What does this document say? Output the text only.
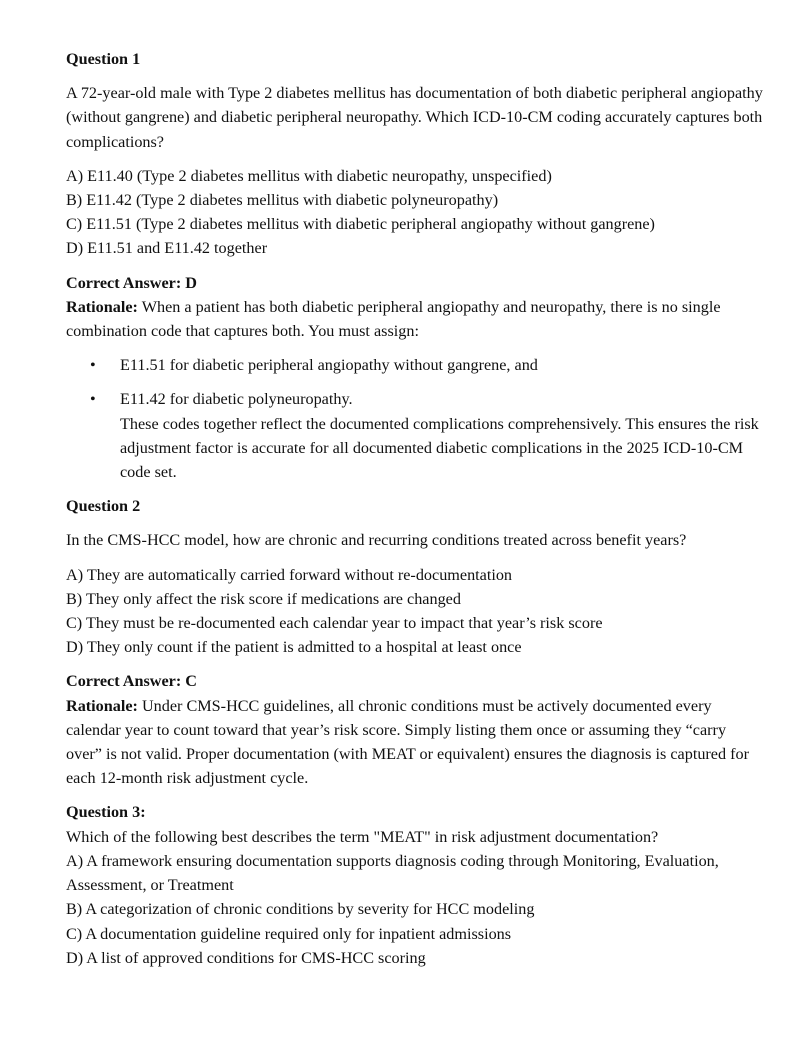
Question 1

A 72-year-old male with Type 2 diabetes mellitus has documentation of both diabetic peripheral angiopathy (without gangrene) and diabetic peripheral neuropathy. Which ICD-10-CM coding accurately captures both complications?

A) E11.40 (Type 2 diabetes mellitus with diabetic neuropathy, unspecified)

B) E11.42 (Type 2 diabetes mellitus with diabetic polyneuropathy)

C) E11.51 (Type 2 diabetes mellitus with diabetic peripheral angiopathy without gangrene)

D) E11.51 and E11.42 together

Correct Answer: D

Rationale: When a patient has both diabetic peripheral angiopathy and neuropathy, there is no single combination code that captures both. You must assign:

• E11.51 for diabetic peripheral angiopathy without gangrene, and
• E11.42 for diabetic polyneuropathy.
These codes together reflect the documented complications comprehensively. This ensures the risk adjustment factor is accurate for all documented diabetic complications in the 2025 ICD-10-CM code set.

Question 2

In the CMS-HCC model, how are chronic and recurring conditions treated across benefit years?

A) They are automatically carried forward without re-documentation

B) They only affect the risk score if medications are changed

C) They must be re-documented each calendar year to impact that year’s risk score

D) They only count if the patient is admitted to a hospital at least once

Correct Answer: C

Rationale: Under CMS-HCC guidelines, all chronic conditions must be actively documented every calendar year to count toward that year’s risk score. Simply listing them once or assuming they “carry over” is not valid. Proper documentation (with MEAT or equivalent) ensures the diagnosis is captured for each 12-month risk adjustment cycle.

Question 3:

Which of the following best describes the term "MEAT" in risk adjustment documentation?

A) A framework ensuring documentation supports diagnosis coding through Monitoring, Evaluation, Assessment, or Treatment

B) A categorization of chronic conditions by severity for HCC modeling

C) A documentation guideline required only for inpatient admissions

D) A list of approved conditions for CMS-HCC scoring
